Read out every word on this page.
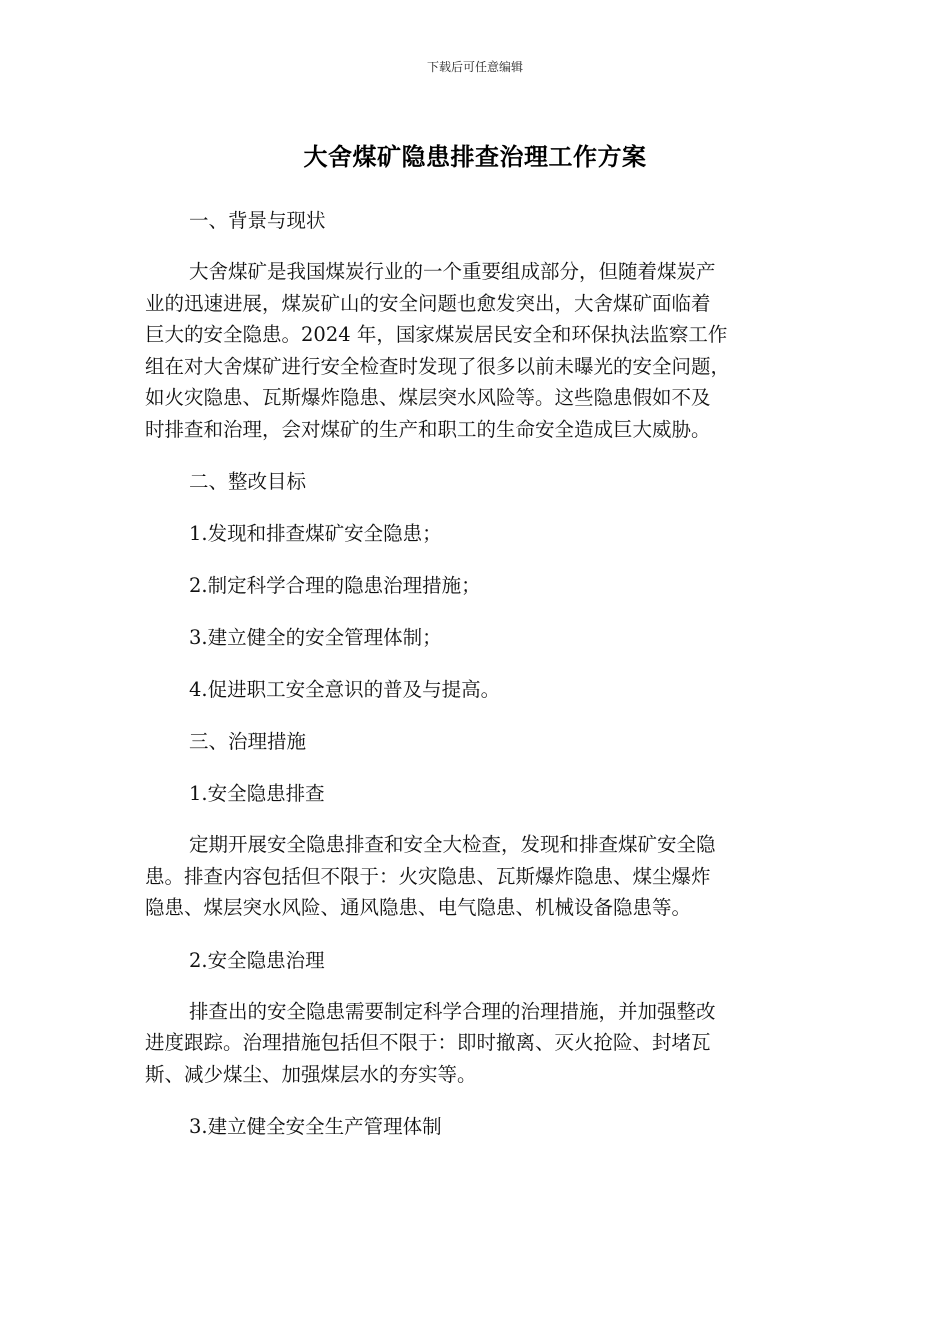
下载后可任意编辑
大舍煤矿隐患排查治理工作方案
一、背景与现状
大舍煤矿是我国煤炭行业的一个重要组成部分，但随着煤炭产
业的迅速进展，煤炭矿山的安全问题也愈发突出，大舍煤矿面临着
巨大的安全隐患。2024 年，国家煤炭居民安全和环保执法监察工作
组在对大舍煤矿进行安全检查时发现了很多以前未曝光的安全问题，
如火灾隐患、瓦斯爆炸隐患、煤层突水风险等。这些隐患假如不及
时排查和治理，会对煤矿的生产和职工的生命安全造成巨大威胁。
二、整改目标
1.发现和排查煤矿安全隐患；
2.制定科学合理的隐患治理措施；
3.建立健全的安全管理体制；
4.促进职工安全意识的普及与提高。
三、治理措施
1.安全隐患排查
定期开展安全隐患排查和安全大检查，发现和排查煤矿安全隐
患。排查内容包括但不限于：火灾隐患、瓦斯爆炸隐患、煤尘爆炸
隐患、煤层突水风险、通风隐患、电气隐患、机械设备隐患等。
2.安全隐患治理
排查出的安全隐患需要制定科学合理的治理措施，并加强整改
进度跟踪。治理措施包括但不限于：即时撤离、灭火抢险、封堵瓦
斯、减少煤尘、加强煤层水的夯实等。
3.建立健全安全生产管理体制
